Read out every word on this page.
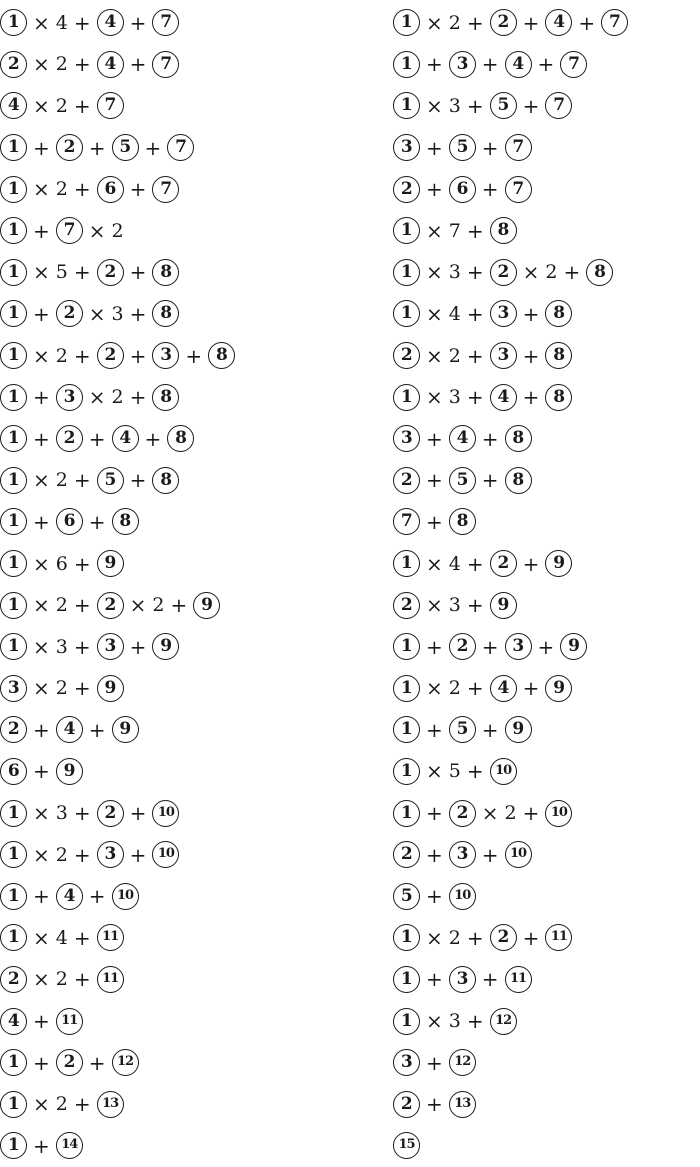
1 × 4 + 4 + 7
2 × 2 + 4 + 7
4 × 2 + 7
1 + 2 + 5 + 7
1 × 2 + 6 + 7
1 + 7 × 2
1 × 5 + 2 + 8
1 + 2 × 3 + 8
1 × 2 + 2 + 3 + 8
1 + 3 × 2 + 8
1 + 2 + 4 + 8
1 × 2 + 5 + 8
1 + 6 + 8
1 × 6 + 9
1 × 2 + 2 × 2 + 9
1 × 3 + 3 + 9
3 × 2 + 9
2 + 4 + 9
6 + 9
1 × 3 + 2 + 10
1 × 2 + 3 + 10
1 + 4 + 10
1 × 4 + 11
2 × 2 + 11
4 + 11
1 + 2 + 12
1 × 2 + 13
1 + 14
1 × 2 + 2 + 4 + 7
1 + 3 + 4 + 7
1 × 3 + 5 + 7
3 + 5 + 7
2 + 6 + 7
1 × 7 + 8
1 × 3 + 2 × 2 + 8
1 × 4 + 3 + 8
2 × 2 + 3 + 8
1 × 3 + 4 + 8
3 + 4 + 8
2 + 5 + 8
7 + 8
1 × 4 + 2 + 9
2 × 3 + 9
1 + 2 + 3 + 9
1 × 2 + 4 + 9
1 + 5 + 9
1 × 5 + 10
1 + 2 × 2 + 10
2 + 3 + 10
5 + 10
1 × 2 + 2 + 11
1 + 3 + 11
1 × 3 + 12
3 + 12
2 + 13
15
